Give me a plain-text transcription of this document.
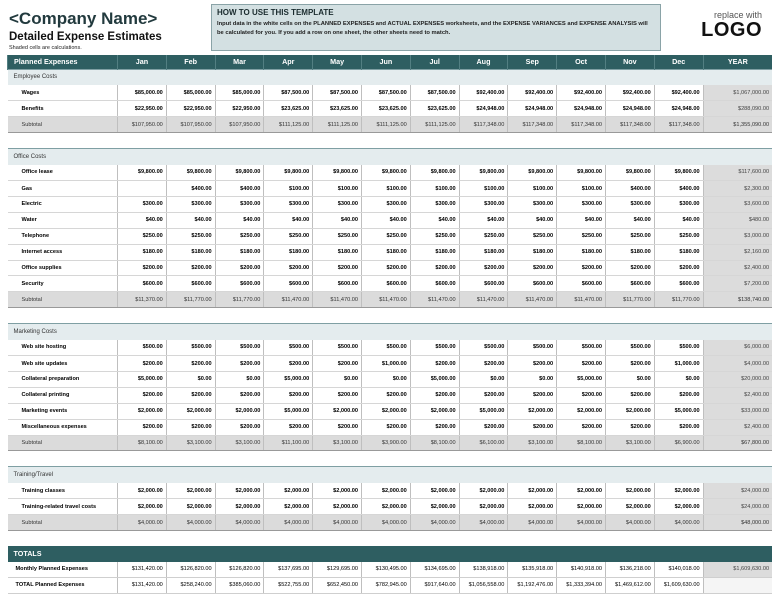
<Company Name>
Detailed Expense Estimates
Shaded cells are calculations.
HOW TO USE THIS TEMPLATE
Input data in the white cells on the PLANNED EXPENSES and ACTUAL EXPENSES worksheets, and the EXPENSE VARIANCES and EXPENSE ANALYSIS will be calculated for you. If you add a row on one sheet, the other sheets need to match.
replace with
LOGO
Planned Expenses	Jan	Feb	Mar	Apr	May	Jun	Jul	Aug	Sep	Oct	Nov	Dec	YEAR
Employee Costs													
Wages	$85,000.00	$85,000.00	$85,000.00	$87,500.00	$87,500.00	$87,500.00	$87,500.00	$92,400.00	$92,400.00	$92,400.00	$92,400.00	$92,400.00	$1,067,000.00
Benefits	$22,950.00	$22,950.00	$22,950.00	$23,625.00	$23,625.00	$23,625.00	$23,625.00	$24,948.00	$24,948.00	$24,948.00	$24,948.00	$24,948.00	$288,090.00
Subtotal	$107,950.00	$107,950.00	$107,950.00	$111,125.00	$111,125.00	$111,125.00	$111,125.00	$117,348.00	$117,348.00	$117,348.00	$117,348.00	$117,348.00	$1,355,090.00

Office Costs													
Office lease	$9,800.00	$9,800.00	$9,800.00	$9,800.00	$9,800.00	$9,800.00	$9,800.00	$9,800.00	$9,800.00	$9,800.00	$9,800.00	$9,800.00	$117,600.00
Gas		$400.00	$400.00	$100.00	$100.00	$100.00	$100.00	$100.00	$100.00	$100.00	$400.00	$400.00	$2,300.00
Electric	$300.00	$300.00	$300.00	$300.00	$300.00	$300.00	$300.00	$300.00	$300.00	$300.00	$300.00	$300.00	$3,600.00
Water	$40.00	$40.00	$40.00	$40.00	$40.00	$40.00	$40.00	$40.00	$40.00	$40.00	$40.00	$40.00	$480.00
Telephone	$250.00	$250.00	$250.00	$250.00	$250.00	$250.00	$250.00	$250.00	$250.00	$250.00	$250.00	$250.00	$3,000.00
Internet access	$180.00	$180.00	$180.00	$180.00	$180.00	$180.00	$180.00	$180.00	$180.00	$180.00	$180.00	$180.00	$2,160.00
Office supplies	$200.00	$200.00	$200.00	$200.00	$200.00	$200.00	$200.00	$200.00	$200.00	$200.00	$200.00	$200.00	$2,400.00
Security	$600.00	$600.00	$600.00	$600.00	$600.00	$600.00	$600.00	$600.00	$600.00	$600.00	$600.00	$600.00	$7,200.00
Subtotal	$11,370.00	$11,770.00	$11,770.00	$11,470.00	$11,470.00	$11,470.00	$11,470.00	$11,470.00	$11,470.00	$11,470.00	$11,770.00	$11,770.00	$138,740.00

Marketing Costs													
Web site hosting	$500.00	$500.00	$500.00	$500.00	$500.00	$500.00	$500.00	$500.00	$500.00	$500.00	$500.00	$500.00	$6,000.00
Web site updates	$200.00	$200.00	$200.00	$200.00	$200.00	$1,000.00	$200.00	$200.00	$200.00	$200.00	$200.00	$1,000.00	$4,000.00
Collateral preparation	$5,000.00	$0.00	$0.00	$5,000.00	$0.00	$0.00	$5,000.00	$0.00	$0.00	$5,000.00	$0.00	$0.00	$20,000.00
Collateral printing	$200.00	$200.00	$200.00	$200.00	$200.00	$200.00	$200.00	$200.00	$200.00	$200.00	$200.00	$200.00	$2,400.00
Marketing events	$2,000.00	$2,000.00	$2,000.00	$5,000.00	$2,000.00	$2,000.00	$2,000.00	$5,000.00	$2,000.00	$2,000.00	$2,000.00	$5,000.00	$33,000.00
Miscellaneous expenses	$200.00	$200.00	$200.00	$200.00	$200.00	$200.00	$200.00	$200.00	$200.00	$200.00	$200.00	$200.00	$2,400.00
Subtotal	$8,100.00	$3,100.00	$3,100.00	$11,100.00	$3,100.00	$3,900.00	$8,100.00	$6,100.00	$3,100.00	$8,100.00	$3,100.00	$6,900.00	$67,800.00

Training/Travel													
Training classes	$2,000.00	$2,000.00	$2,000.00	$2,000.00	$2,000.00	$2,000.00	$2,000.00	$2,000.00	$2,000.00	$2,000.00	$2,000.00	$2,000.00	$24,000.00
Training-related travel costs	$2,000.00	$2,000.00	$2,000.00	$2,000.00	$2,000.00	$2,000.00	$2,000.00	$2,000.00	$2,000.00	$2,000.00	$2,000.00	$2,000.00	$24,000.00
Subtotal	$4,000.00	$4,000.00	$4,000.00	$4,000.00	$4,000.00	$4,000.00	$4,000.00	$4,000.00	$4,000.00	$4,000.00	$4,000.00	$4,000.00	$48,000.00

TOTALS													
Monthly Planned Expenses	$131,420.00	$126,820.00	$126,820.00	$137,695.00	$129,695.00	$130,495.00	$134,695.00	$138,918.00	$135,918.00	$140,918.00	$136,218.00	$140,018.00	$1,609,630.00
TOTAL Planned Expenses	$131,420.00	$258,240.00	$385,060.00	$522,755.00	$652,450.00	$782,945.00	$917,640.00	$1,056,558.00	$1,192,476.00	$1,333,394.00	$1,469,612.00	$1,609,630.00	
